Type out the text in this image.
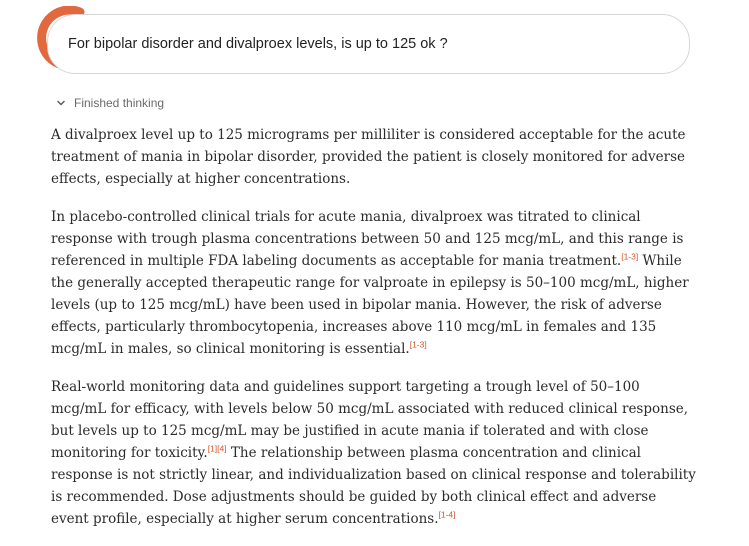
For bipolar disorder and divalproex levels, is up to 125 ok ?
Finished thinking

A divalproex level up to 125 micrograms per milliliter is considered acceptable for the acute treatment of mania in bipolar disorder, provided the patient is closely monitored for adverse effects, especially at higher concentrations.

In placebo-controlled clinical trials for acute mania, divalproex was titrated to clinical response with trough plasma concentrations between 50 and 125 mcg/mL, and this range is referenced in multiple FDA labeling documents as acceptable for mania treatment.[1-3] While the generally accepted therapeutic range for valproate in epilepsy is 50–100 mcg/mL, higher levels (up to 125 mcg/mL) have been used in bipolar mania. However, the risk of adverse effects, particularly thrombocytopenia, increases above 110 mcg/mL in females and 135 mcg/mL in males, so clinical monitoring is essential.[1-3]

Real-world monitoring data and guidelines support targeting a trough level of 50–100 mcg/mL for efficacy, with levels below 50 mcg/mL associated with reduced clinical response, but levels up to 125 mcg/mL may be justified in acute mania if tolerated and with close monitoring for toxicity.[1][4] The relationship between plasma concentration and clinical response is not strictly linear, and individualization based on clinical response and tolerability is recommended. Dose adjustments should be guided by both clinical effect and adverse event profile, especially at higher serum concentrations.[1-4]
